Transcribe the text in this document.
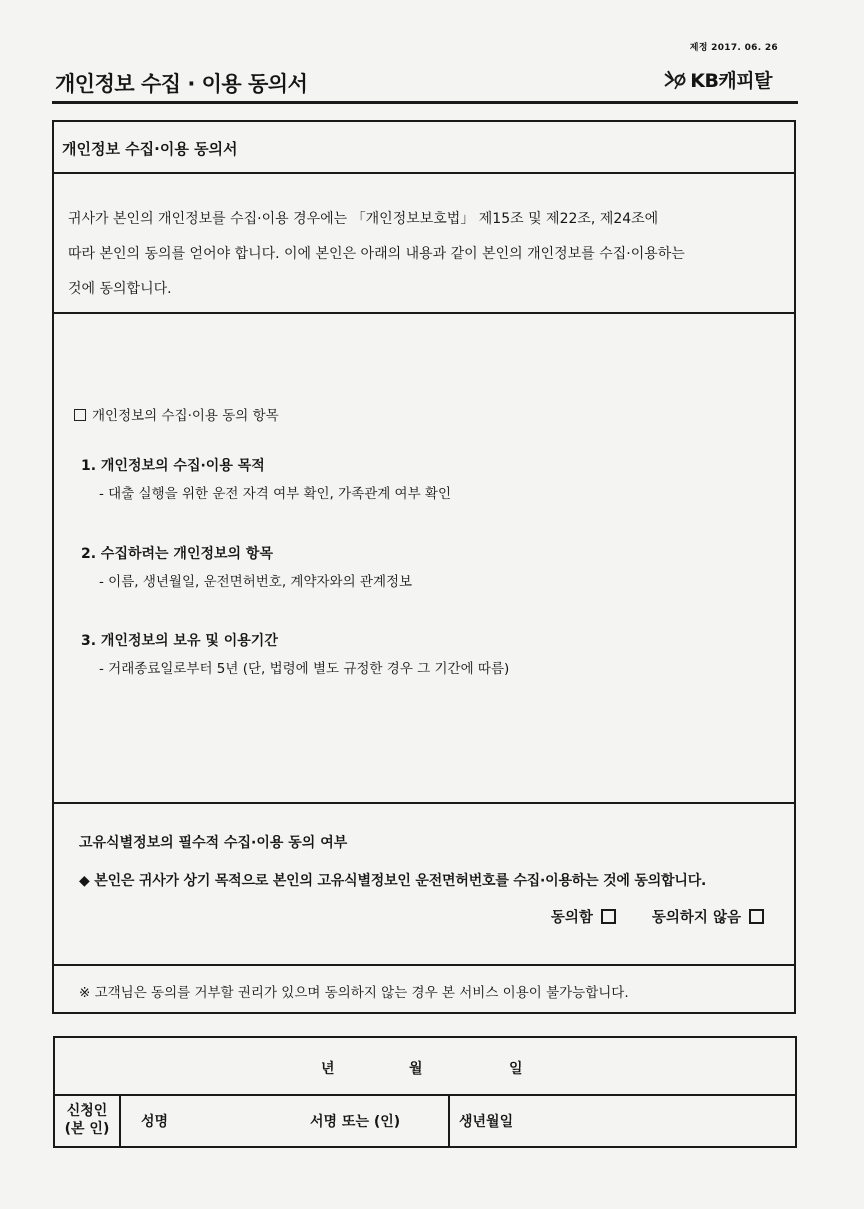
제정 2017. 06. 26
개인정보 수집 · 이용 동의서	KB캐피탈
개인정보 수집·이용 동의서
귀사가 본인의 개인정보를 수집·이용 경우에는 「개인정보보호법」 제15조 및 제22조, 제24조에
따라 본인의 동의를 얻어야 합니다. 이에 본인은 아래의 내용과 같이 본인의 개인정보를 수집·이용하는
것에 동의합니다.
개인정보의 수집·이용 동의 항목
1. 개인정보의 수집·이용 목적
- 대출 실행을 위한 운전 자격 여부 확인, 가족관계 여부 확인
2. 수집하려는 개인정보의 항목
- 이름, 생년월일, 운전면허번호, 계약자와의 관계정보
3. 개인정보의 보유 및 이용기간
- 거래종료일로부터 5년 (단, 법령에 별도 규정한 경우 그 기간에 따름)
고유식별정보의 필수적 수집·이용 동의 여부
◆ 본인은 귀사가 상기 목적으로 본인의 고유식별정보인 운전면허번호를 수집·이용하는 것에 동의합니다.
동의함	동의하지 않음
※ 고객님은 동의를 거부할 권리가 있으며 동의하지 않는 경우 본 서비스 이용이 불가능합니다.
년	월	일
신청인
(본 인)	성명	서명 또는 (인)	생년월일
